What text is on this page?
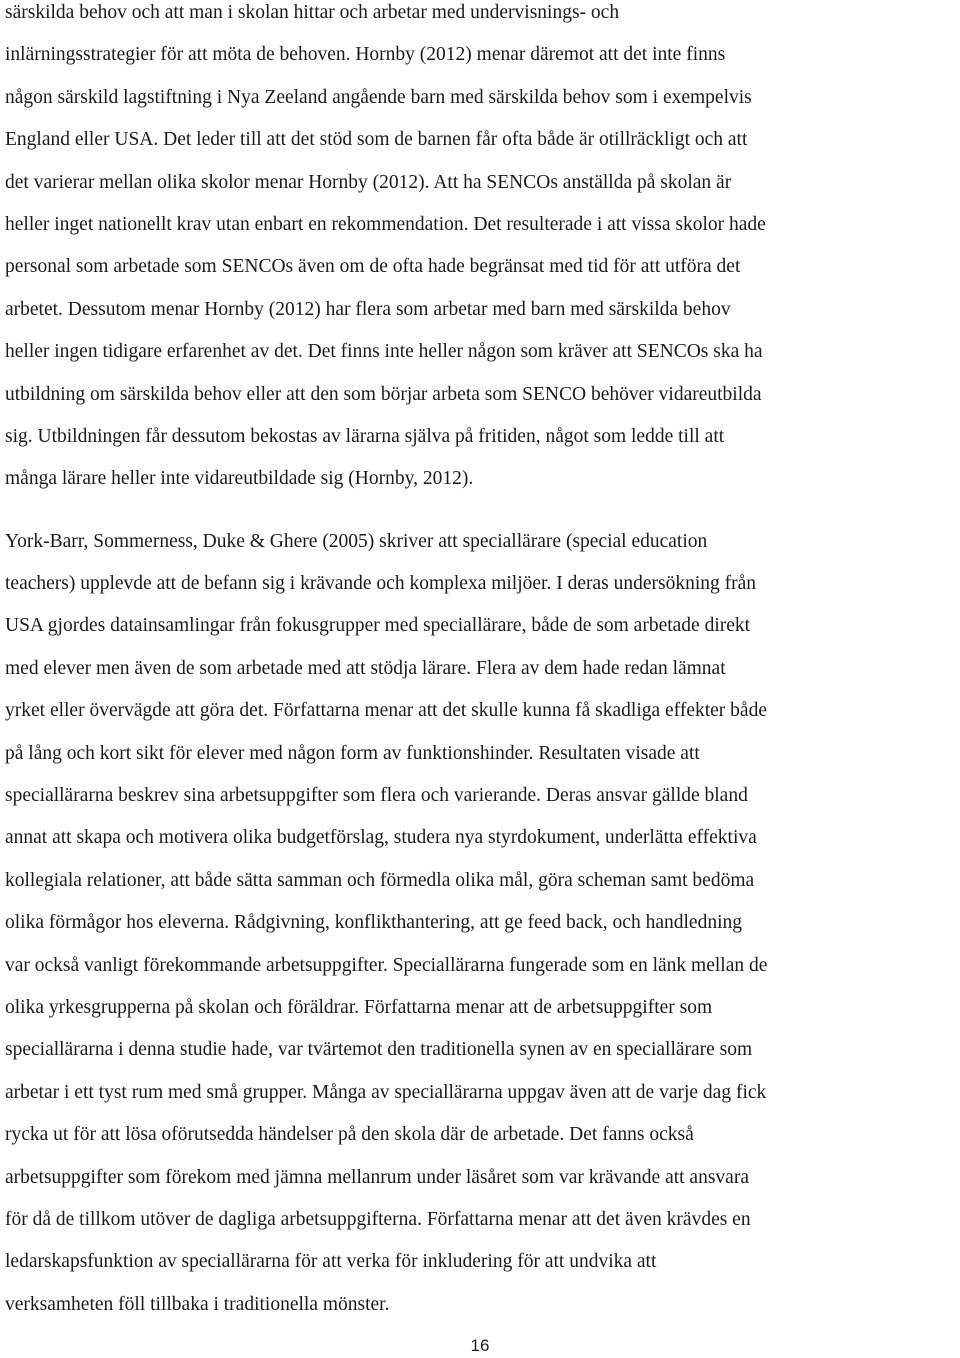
särskilda behov och att man i skolan hittar och arbetar med undervisnings- och
inlärningsstrategier för att möta de behoven. Hornby (2012) menar däremot att det inte finns
någon särskild lagstiftning i Nya Zeeland angående barn med särskilda behov som i exempelvis
England eller USA. Det leder till att det stöd som de barnen får ofta både är otillräckligt och att
det varierar mellan olika skolor menar Hornby (2012). Att ha SENCOs anställda på skolan är
heller inget nationellt krav utan enbart en rekommendation. Det resulterade i att vissa skolor hade
personal som arbetade som SENCOs även om de ofta hade begränsat med tid för att utföra det
arbetet. Dessutom menar Hornby (2012) har flera som arbetar med barn med särskilda behov
heller ingen tidigare erfarenhet av det. Det finns inte heller någon som kräver att SENCOs ska ha
utbildning om särskilda behov eller att den som börjar arbeta som SENCO behöver vidareutbilda
sig. Utbildningen får dessutom bekostas av lärarna själva på fritiden, något som ledde till att
många lärare heller inte vidareutbildade sig (Hornby, 2012).
York-Barr, Sommerness, Duke & Ghere (2005) skriver att speciallärare (special education
teachers) upplevde att de befann sig i krävande och komplexa miljöer. I deras undersökning från
USA gjordes datainsamlingar från fokusgrupper med speciallärare, både de som arbetade direkt
med elever men även de som arbetade med att stödja lärare. Flera av dem hade redan lämnat
yrket eller övervägde att göra det. Författarna menar att det skulle kunna få skadliga effekter både
på lång och kort sikt för elever med någon form av funktionshinder. Resultaten visade att
speciallärarna beskrev sina arbetsuppgifter som flera och varierande. Deras ansvar gällde bland
annat att skapa och motivera olika budgetförslag, studera nya styrdokument, underlätta effektiva
kollegiala relationer, att både sätta samman och förmedla olika mål, göra scheman samt bedöma
olika förmågor hos eleverna. Rådgivning, konflikthantering, att ge feed back, och handledning
var också vanligt förekommande arbetsuppgifter. Speciallärarna fungerade som en länk mellan de
olika yrkesgrupperna på skolan och föräldrar. Författarna menar att de arbetsuppgifter som
speciallärarna i denna studie hade, var tvärtemot den traditionella synen av en speciallärare som
arbetar i ett tyst rum med små grupper. Många av speciallärarna uppgav även att de varje dag fick
rycka ut för att lösa oförutsedda händelser på den skola där de arbetade. Det fanns också
arbetsuppgifter som förekom med jämna mellanrum under läsåret som var krävande att ansvara
för då de tillkom utöver de dagliga arbetsuppgifterna. Författarna menar att det även krävdes en
ledarskapsfunktion av speciallärarna för att verka för inkludering för att undvika att
verksamheten föll tillbaka i traditionella mönster.
16
